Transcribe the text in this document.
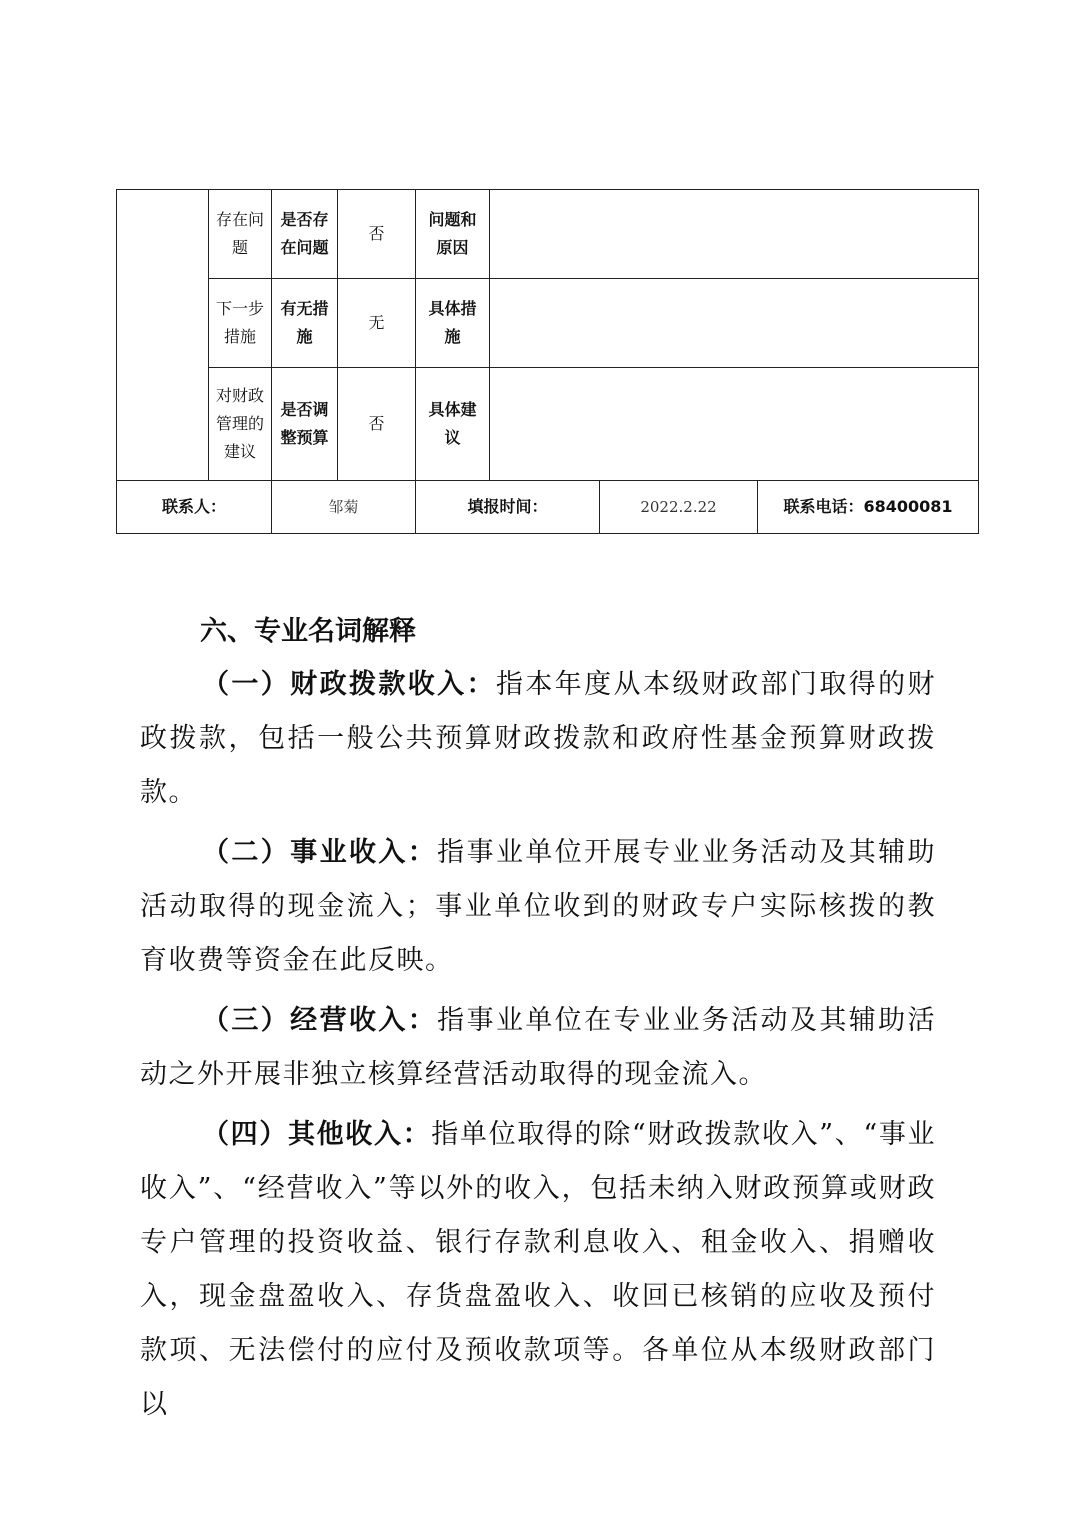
	存在问题	是否存在问题	否	问题和原因			
	下一步措施	有无措施	无	具体措施			
	对财政管理的建议	是否调整预算	否	具体建议			
联系人：		邹菊		填报时间：		2022.2.22	联系电话：68400081

六、专业名词解释

（一）财政拨款收入：指本年度从本级财政部门取得的财政拨款，包括一般公共预算财政拨款和政府性基金预算财政拨款。

（二）事业收入：指事业单位开展专业业务活动及其辅助活动取得的现金流入；事业单位收到的财政专户实际核拨的教育收费等资金在此反映。

（三）经营收入：指事业单位在专业业务活动及其辅助活动之外开展非独立核算经营活动取得的现金流入。

（四）其他收入：指单位取得的除“财政拨款收入”、“事业收入”、“经营收入”等以外的收入，包括未纳入财政预算或财政专户管理的投资收益、银行存款利息收入、租金收入、捐赠收入，现金盘盈收入、存货盘盈收入、收回已核销的应收及预付款项、无法偿付的应付及预收款项等。各单位从本级财政部门以
